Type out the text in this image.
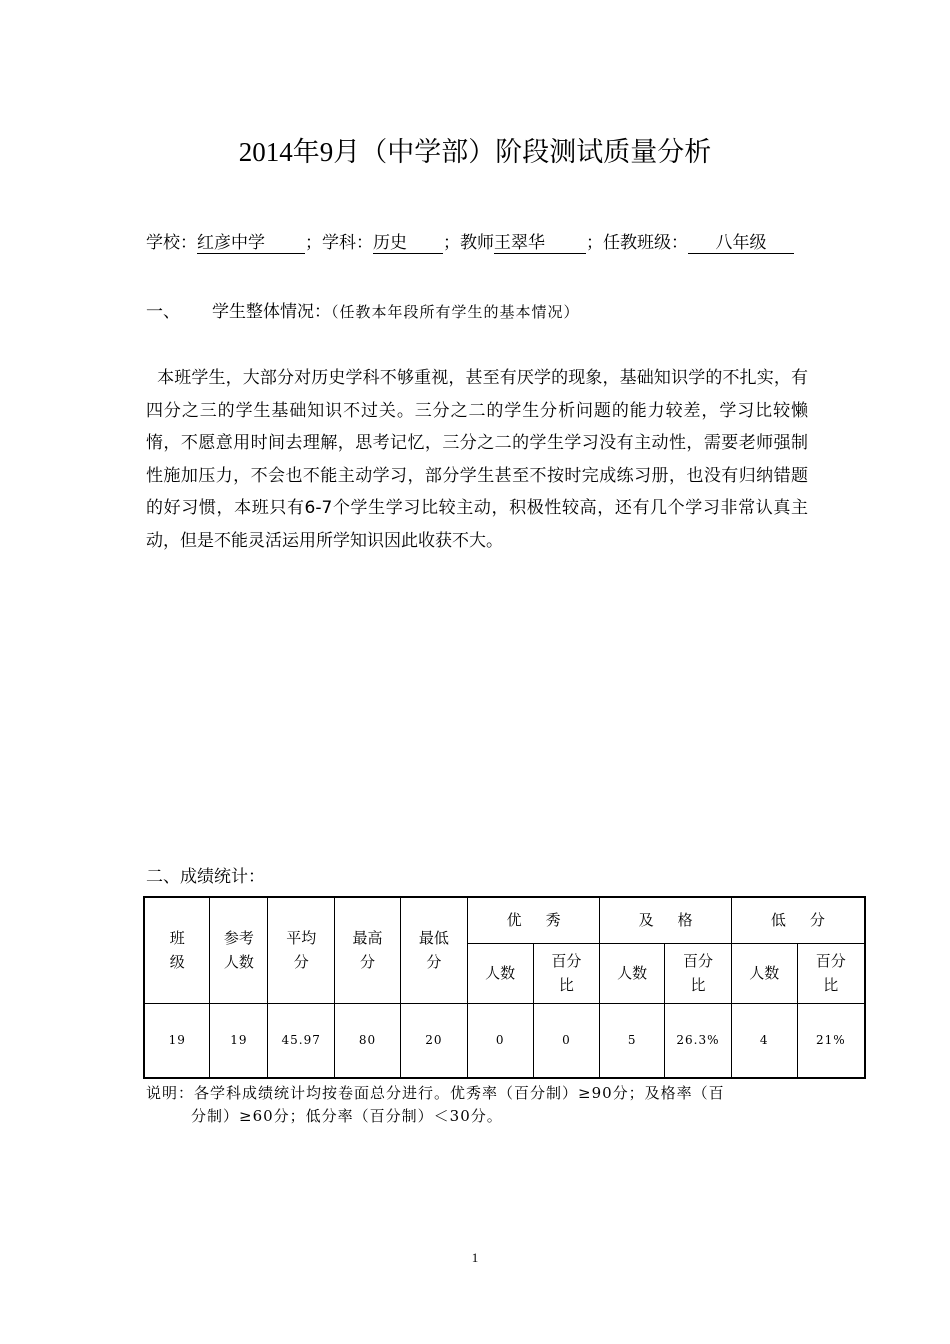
2014年9月（中学部）阶段测试质量分析
学校：红彦中学 ；学科：历史 ；教师王翠华 ；任教班级： 八年级
一、 学生整体情况：（任教本年段所有学生的基本情况）
本班学生，大部分对历史学科不够重视，甚至有厌学的现象，基础知识学的不扎实，有四分之三的学生基础知识不过关。三分之二的学生分析问题的能力较差，学习比较懒惰，不愿意用时间去理解，思考记忆，三分之二的学生学习没有主动性，需要老师强制性施加压力，不会也不能主动学习，部分学生甚至不按时完成练习册，也没有归纳错题的好习惯，本班只有6-7个学生学习比较主动，积极性较高，还有几个学习非常认真主动，但是不能灵活运用所学知识因此收获不大。
二、成绩统计：
班级	参考人数	平均分	最高分	最低分	优秀		及格		低分	
					人数	百分比	人数	百分比	人数	百分比
19	19	45.97	80	20	0	0	5	26.3%	4	21%
说明：各学科成绩统计均按卷面总分进行。优秀率（百分制）≥90分；及格率（百
分制）≥60分；低分率（百分制）＜30分。
1
